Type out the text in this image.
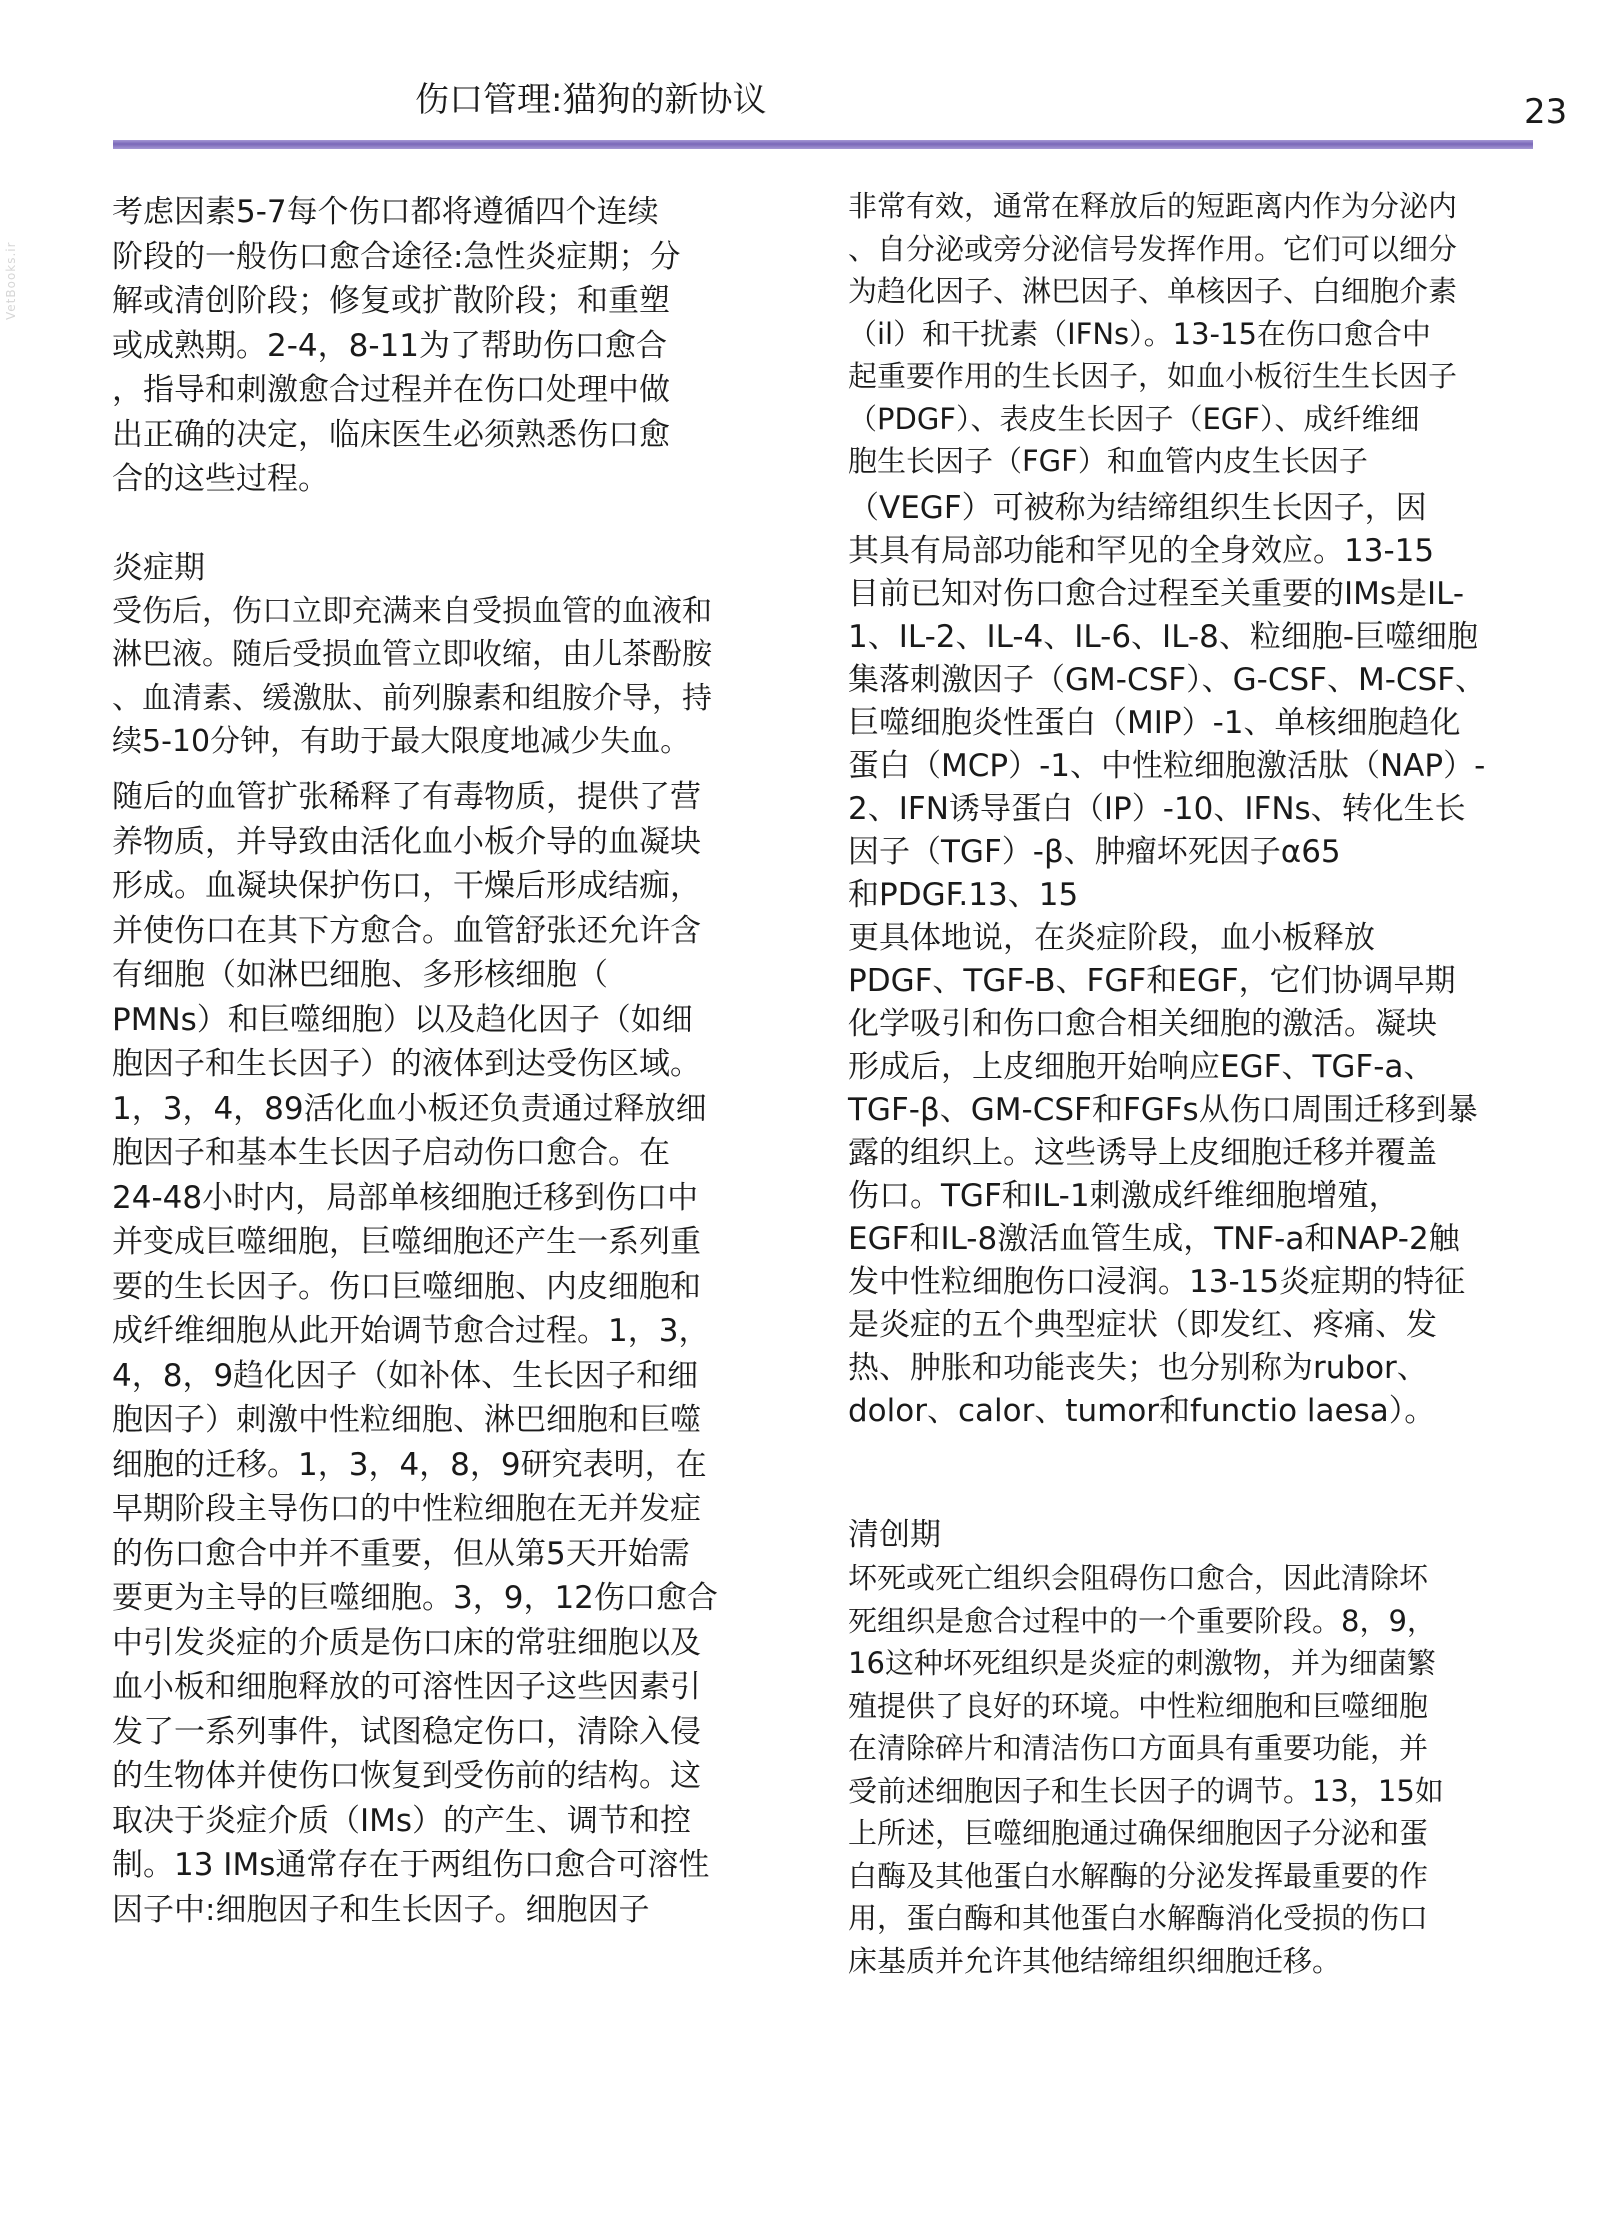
VetBooks.ir
伤口管理:猫狗的新协议	23
考虑因素5-7每个伤口都将遵循四个连续
阶段的一般伤口愈合途径:急性炎症期；分
解或清创阶段；修复或扩散阶段；和重塑
或成熟期。2-4，8-11为了帮助伤口愈合
，指导和刺激愈合过程并在伤口处理中做
出正确的决定，临床医生必须熟悉伤口愈
合的这些过程。
炎症期
受伤后，伤口立即充满来自受损血管的血液和
淋巴液。随后受损血管立即收缩，由儿茶酚胺
、血清素、缓激肽、前列腺素和组胺介导，持
续5-10分钟，有助于最大限度地减少失血。
随后的血管扩张稀释了有毒物质，提供了营
养物质，并导致由活化血小板介导的血凝块
形成。血凝块保护伤口，干燥后形成结痂，
并使伤口在其下方愈合。血管舒张还允许含
有细胞（如淋巴细胞、多形核细胞（
PMNs）和巨噬细胞）以及趋化因子（如细
胞因子和生长因子）的液体到达受伤区域。
1，3，4，89活化血小板还负责通过释放细
胞因子和基本生长因子启动伤口愈合。在
24-48小时内，局部单核细胞迁移到伤口中
并变成巨噬细胞，巨噬细胞还产生一系列重
要的生长因子。伤口巨噬细胞、内皮细胞和
成纤维细胞从此开始调节愈合过程。1，3，
4，8，9趋化因子（如补体、生长因子和细
胞因子）刺激中性粒细胞、淋巴细胞和巨噬
细胞的迁移。1，3，4，8，9研究表明，在
早期阶段主导伤口的中性粒细胞在无并发症
的伤口愈合中并不重要，但从第5天开始需
要更为主导的巨噬细胞。3，9，12伤口愈合
中引发炎症的介质是伤口床的常驻细胞以及
血小板和细胞释放的可溶性因子这些因素引
发了一系列事件，试图稳定伤口，清除入侵
的生物体并使伤口恢复到受伤前的结构。这
取决于炎症介质（IMs）的产生、调节和控
制。13 IMs通常存在于两组伤口愈合可溶性
因子中:细胞因子和生长因子。细胞因子
非常有效，通常在释放后的短距离内作为分泌内
、自分泌或旁分泌信号发挥作用。它们可以细分
为趋化因子、淋巴因子、单核因子、白细胞介素
（il）和干扰素（IFNs）。13-15在伤口愈合中
起重要作用的生长因子，如血小板衍生生长因子
（PDGF）、表皮生长因子（EGF）、成纤维细
胞生长因子（FGF）和血管内皮生长因子
（VEGF）可被称为结缔组织生长因子，因
其具有局部功能和罕见的全身效应。13-15
目前已知对伤口愈合过程至关重要的IMs是IL-
1、IL-2、IL-4、IL-6、IL-8、粒细胞-巨噬细胞
集落刺激因子（GM-CSF）、G-CSF、M-CSF、
巨噬细胞炎性蛋白（MIP）-1、单核细胞趋化
蛋白（MCP）-1、中性粒细胞激活肽（NAP）-
2、IFN诱导蛋白（IP）-10、IFNs、转化生长
因子（TGF）-β、肿瘤坏死因子α65
和PDGF.13、15
更具体地说，在炎症阶段，血小板释放
PDGF、TGF-B、FGF和EGF，它们协调早期
化学吸引和伤口愈合相关细胞的激活。凝块
形成后，上皮细胞开始响应EGF、TGF-a、
TGF-β、GM-CSF和FGFs从伤口周围迁移到暴
露的组织上。这些诱导上皮细胞迁移并覆盖
伤口。TGF和IL-1刺激成纤维细胞增殖，
EGF和IL-8激活血管生成，TNF-a和NAP-2触
发中性粒细胞伤口浸润。13-15炎症期的特征
是炎症的五个典型症状（即发红、疼痛、发
热、肿胀和功能丧失；也分别称为rubor、
dolor、calor、tumor和functio laesa）。
清创期
坏死或死亡组织会阻碍伤口愈合，因此清除坏
死组织是愈合过程中的一个重要阶段。8，9，
16这种坏死组织是炎症的刺激物，并为细菌繁
殖提供了良好的环境。中性粒细胞和巨噬细胞
在清除碎片和清洁伤口方面具有重要功能，并
受前述细胞因子和生长因子的调节。13，15如
上所述，巨噬细胞通过确保细胞因子分泌和蛋
白酶及其他蛋白水解酶的分泌发挥最重要的作
用，蛋白酶和其他蛋白水解酶消化受损的伤口
床基质并允许其他结缔组织细胞迁移。
